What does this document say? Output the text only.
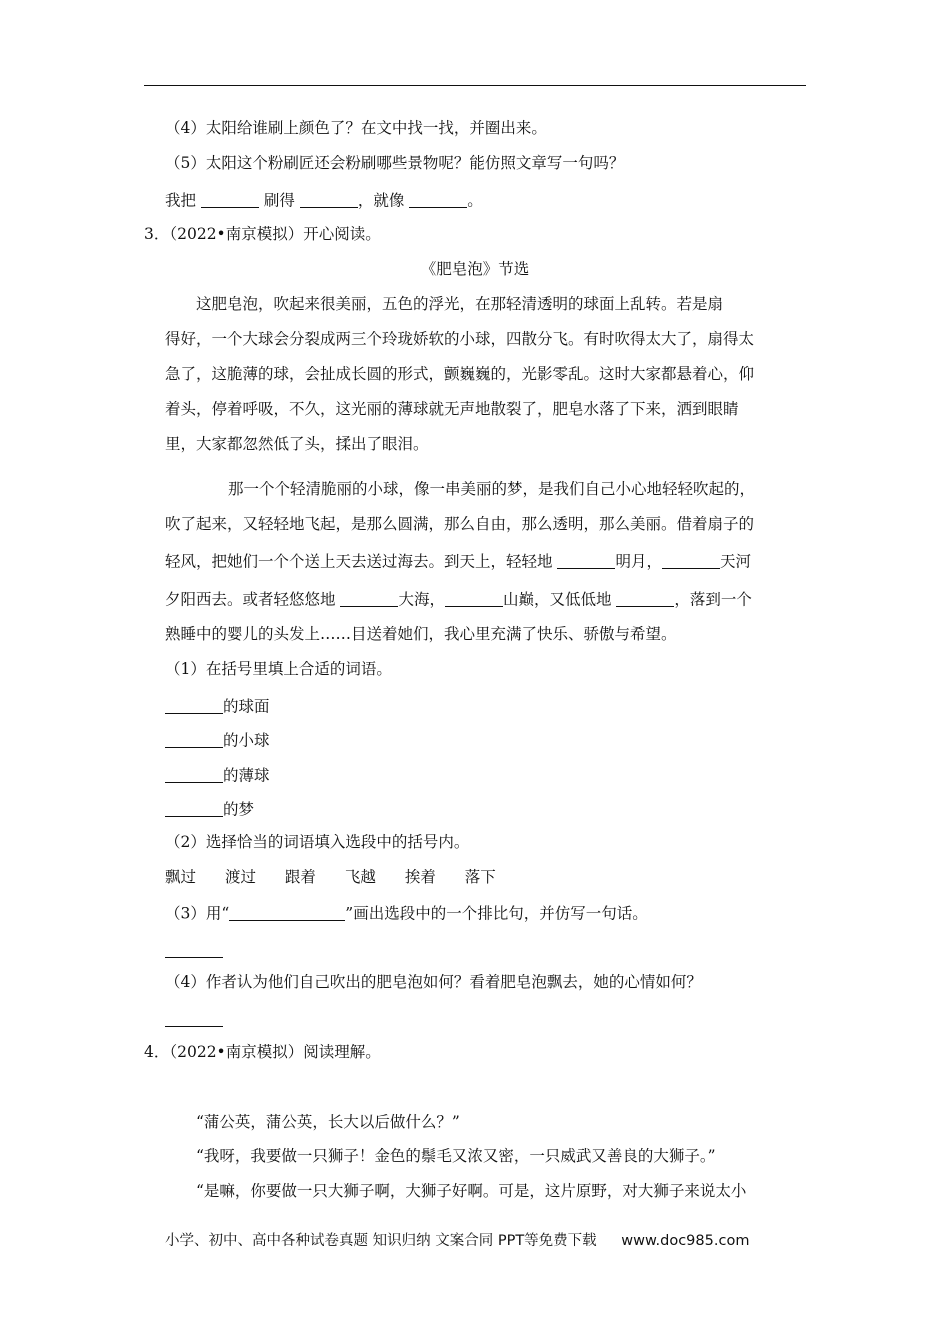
（4）太阳给谁刷上颜色了？在文中找一找，并圈出来。
（5）太阳这个粉刷匠还会粉刷哪些景物呢？能仿照文章写一句吗？
我把	刷得	，就像	。
3．（2022•南京模拟）开心阅读。
《肥皂泡》节选
这肥皂泡，吹起来很美丽，五色的浮光，在那轻清透明的球面上乱转。若是扇
得好，一个大球会分裂成两三个玲珑娇软的小球，四散分飞。有时吹得太大了，扇得太
急了，这脆薄的球，会扯成长圆的形式，颤巍巍的，光影零乱。这时大家都悬着心，仰
着头，停着呼吸，不久，这光丽的薄球就无声地散裂了，肥皂水落了下来，洒到眼睛
里，大家都忽然低了头，揉出了眼泪。
那一个个轻清脆丽的小球，像一串美丽的梦，是我们自己小心地轻轻吹起的，
吹了起来，又轻轻地飞起，是那么圆满，那么自由，那么透明，那么美丽。借着扇子的
轻风，把她们一个个送上天去送过海去。到天上，轻轻地	明月，	天河
夕阳西去。或者轻悠悠地	大海，	山巅，又低低地	，落到一个
熟睡中的婴儿的头发上……目送着她们，我心里充满了快乐、骄傲与希望。
（1）在括号里填上合适的词语。
的球面
的小球
的薄球
的梦
（2）选择恰当的词语填入选段中的括号内。
飘过 渡过 跟着 飞越 挨着 落下
（3）用“	”画出选段中的一个排比句，并仿写一句话。
（4）作者认为他们自己吹出的肥皂泡如何？看着肥皂泡飘去，她的心情如何？
4．（2022•南京模拟）阅读理解。
“蒲公英，蒲公英，长大以后做什么？”
“我呀，我要做一只狮子！金色的鬃毛又浓又密，一只威武又善良的大狮子。”
“是嘛，你要做一只大狮子啊，大狮子好啊。可是，这片原野，对大狮子来说太小
小学、初中、高中各种试卷真题 知识归纳 文案合同 PPT等免费下载 www.doc985.com
